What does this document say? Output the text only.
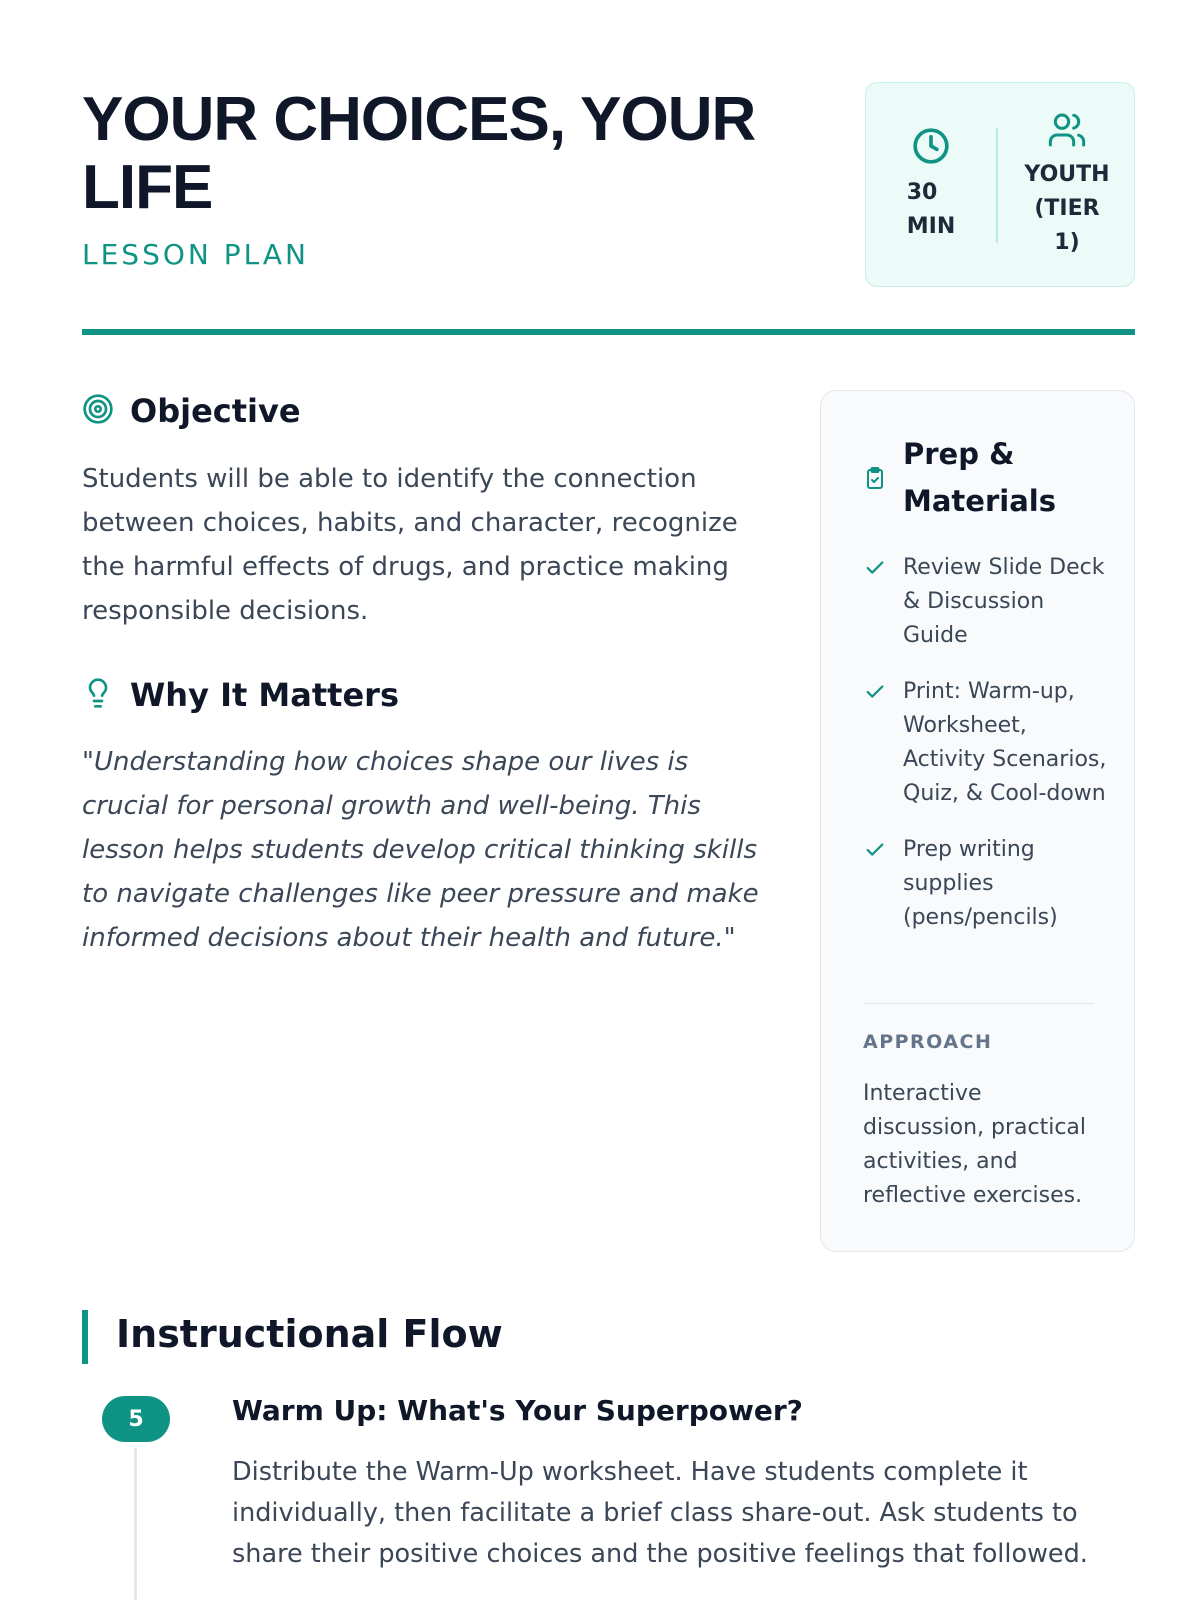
YOUR CHOICES, YOUR LIFE
LESSON PLAN
30
MIN
YOUTH
(TIER
1)
Objective

Students will be able to identify the connection between choices, habits, and character, recognize the harmful effects of drugs, and practice making responsible decisions.

Why It Matters

"Understanding how choices shape our lives is crucial for personal growth and well-being. This lesson helps students develop critical thinking skills to navigate challenges like peer pressure and make informed decisions about their health and future."

Prep & Materials
Review Slide Deck & Discussion Guide
Print: Warm-up, Worksheet, Activity Scenarios, Quiz, & Cool-down
Prep writing supplies (pens/pencils)
APPROACH

Interactive discussion, practical activities, and reflective exercises.

Instructional Flow
5	Warm Up: What's Your Superpower?

Distribute the Warm-Up worksheet. Have students complete it individually, then facilitate a brief class share-out. Ask students to share their positive choices and the positive feelings that followed.
